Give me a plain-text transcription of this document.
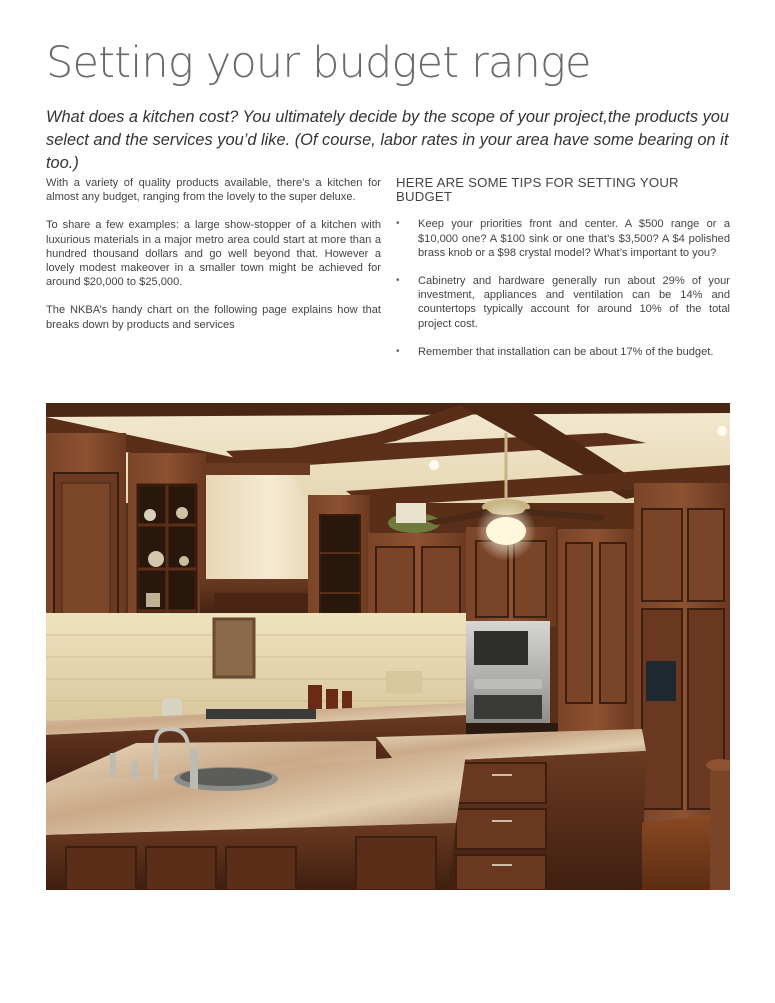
Setting your budget range

What does a kitchen cost? You ultimately decide by the scope of your project,the products you select and the services you’d like. (Of course, labor rates in your area have some bearing on it too.)

With a variety of quality products available, there’s a kitchen for almost any budget, ranging from the lovely to the super deluxe.

To share a few examples: a large show-stopper of a kitchen with luxurious materials in a major metro area could start at more than a hundred thousand dollars and go well beyond that. However a lovely modest makeover in a smaller town might be achieved for around $20,000 to $25,000.

The NKBA’s handy chart on the following page explains how that breaks down by products and services

HERE ARE SOME TIPS FOR SETTING YOUR BUDGET
• Keep your priorities front and center. A $500 range or a $10,000 one? A $100 sink or one that’s $3,500? A $4 polished brass knob or a $98 crystal model? What’s important to you?
• Cabinetry and hardware generally run about 29% of your investment, appliances and ventilation can be 14% and countertops typically account for around 10% of the total project cost.
• Remember that installation can be about 17% of the budget.
